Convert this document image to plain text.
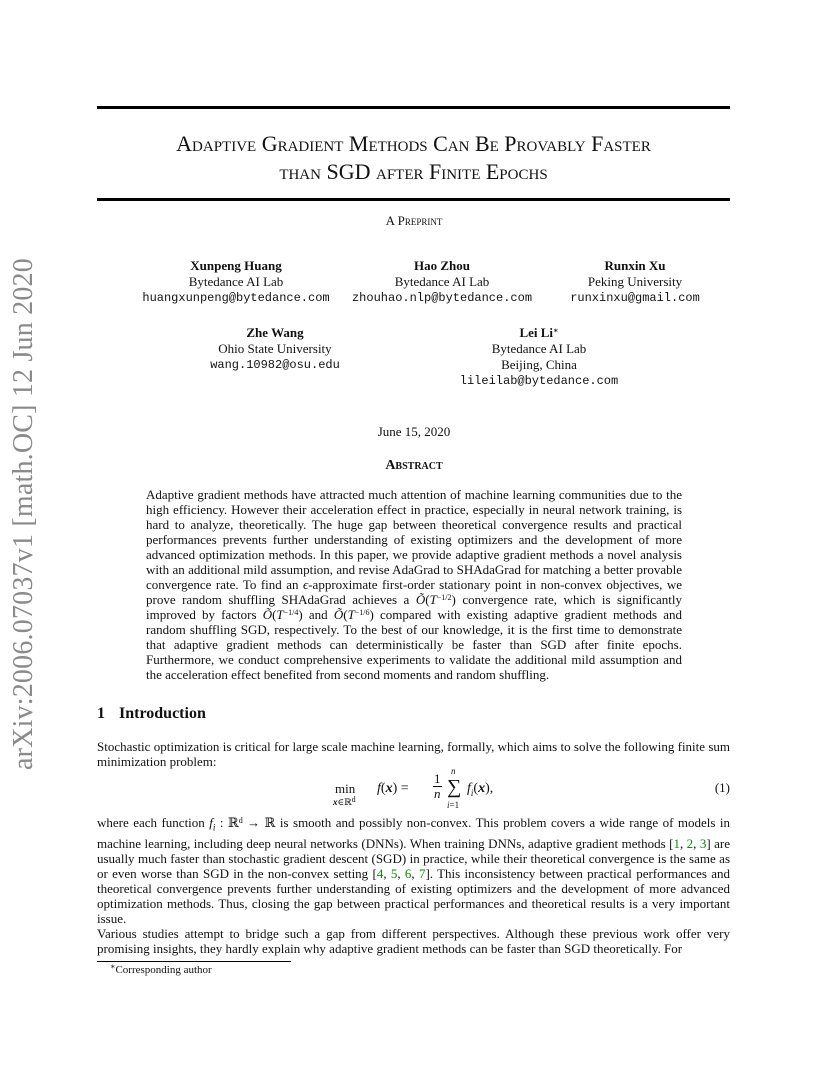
arXiv:2006.07037v1 [math.OC] 12 Jun 2020
Adaptive Gradient Methods Can Be Provably Faster
than SGD after Finite Epochs
A Preprint
Xunpeng Huang
Bytedance AI Lab
huangxunpeng@bytedance.com
Hao Zhou
Bytedance AI Lab
zhouhao.nlp@bytedance.com
Runxin Xu
Peking University
runxinxu@gmail.com
Zhe Wang
Ohio State University
wang.10982@osu.edu
Lei Li∗
Bytedance AI Lab
Beijing, China
lileilab@bytedance.com
June 15, 2020
Abstract
Adaptive gradient methods have attracted much attention of machine learning communities due to the high efficiency. However their acceleration effect in practice, especially in neural network training, is hard to analyze, theoretically. The huge gap between theoretical convergence results and practical performances prevents further understanding of existing optimizers and the development of more advanced optimization methods. In this paper, we provide adaptive gradient methods a novel analysis with an additional mild assumption, and revise AdaGrad to SHAdaGrad for matching a better provable convergence rate. To find an ϵ-approximate first-order stationary point in non-convex objectives, we prove random shuffling SHAdaGrad achieves a $Õ(T^{-1/2})$ convergence rate, which is significantly improved by factors $Õ(T^{-1/4})$ and $Õ(T^{-1/6})$ compared with existing adaptive gradient methods and random shuffling SGD, respectively. To the best of our knowledge, it is the first time to demonstrate that adaptive gradient methods can deterministically be faster than SGD after finite epochs. Furthermore, we conduct comprehensive experiments to validate the additional mild assumption and the acceleration effect benefited from second moments and random shuffling.
1 Introduction
Stochastic optimization is critical for large scale machine learning, formally, which aims to solve the following finite sum minimization problem:
min
x∈ℝ$^d$
$f(x) = \frac{1}{n}$
n
∑
i=1
$f_i(x)$,	(1)
where each function $f_i$ : ℝ$^d$ → ℝ is smooth and possibly non-convex. This problem covers a wide range of models in machine learning, including deep neural networks (DNNs). When training DNNs, adaptive gradient methods [1, 2, 3] are usually much faster than stochastic gradient descent (SGD) in practice, while their theoretical convergence is the same as or even worse than SGD in the non-convex setting [4, 5, 6, 7]. This inconsistency between practical performances and theoretical convergence prevents further understanding of existing optimizers and the development of more advanced optimization methods. Thus, closing the gap between practical performances and theoretical results is a very important issue.
Various studies attempt to bridge such a gap from different perspectives. Although these previous work offer very promising insights, they hardly explain why adaptive gradient methods can be faster than SGD theoretically. For
∗Corresponding author
